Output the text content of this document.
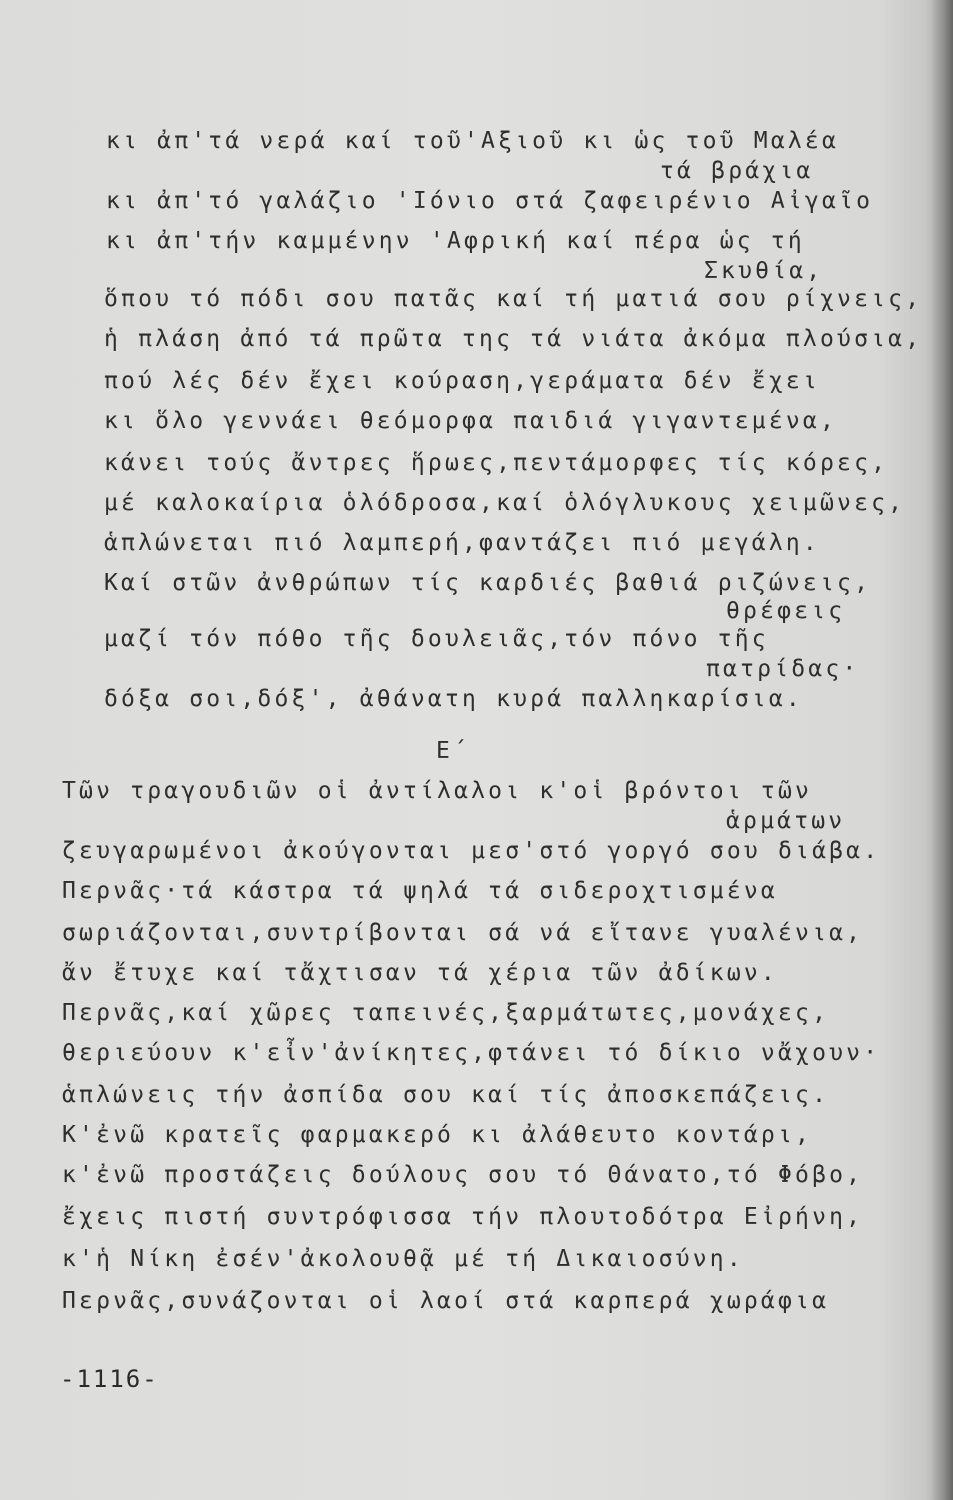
κι ἀπ'τά νερά καί τοῦ'Αξιοῦ κι ὡς τοῦ Μαλέα
τά βράχια
κι ἀπ'τό γαλάζιο 'Ιόνιο στά ζαφειρένιο Αἰγαῖο
κι ἀπ'τήν καμμένην 'Αφρική καί πέρα ὡς τή
Σκυθία,
ὅπου τό πόδι σου πατᾶς καί τή ματιά σου ρίχνεις,
ἡ πλάση ἀπό τά πρῶτα της τά νιάτα ἀκόμα πλούσια,
πού λές δέν ἔχει κούραση,γεράματα δέν ἔχει
κι ὅλο γεννάει θεόμορφα παιδιά γιγαντεμένα,
κάνει τούς ἄντρες ἥρωες,πεντάμορφες τίς κόρες,
μέ καλοκαίρια ὁλόδροσα,καί ὁλόγλυκους χειμῶνες,
ἁπλώνεται πιό λαμπερή,φαντάζει πιό μεγάλη.
Καί στῶν ἀνθρώπων τίς καρδιές βαθιά ριζώνεις,
θρέφεις
μαζί τόν πόθο τῆς δουλειᾶς,τόν πόνο τῆς
πατρίδας·
δόξα σοι,δόξ', ἀθάνατη κυρά παλληκαρίσια.
Ε΄
Τῶν τραγουδιῶν οἱ ἀντίλαλοι κ'οἱ βρόντοι τῶν
ἁρμάτων
ζευγαρωμένοι ἀκούγονται μεσ'στό γοργό σου διάβα.
Περνᾶς·τά κάστρα τά ψηλά τά σιδεροχτισμένα
σωριάζονται,συντρίβονται σά νά εἴτανε γυαλένια,
ἄν ἔτυχε καί τἄχτισαν τά χέρια τῶν ἀδίκων.
Περνᾶς,καί χῶρες ταπεινές,ξαρμάτωτες,μονάχες,
θεριεύουν κ'εἶν'ἀνίκητες,φτάνει τό δίκιο νἄχουν·
ἁπλώνεις τήν ἀσπίδα σου καί τίς ἀποσκεπάζεις.
Κ'ἐνῶ κρατεῖς φαρμακερό κι ἀλάθευτο κοντάρι,
κ'ἐνῶ προστάζεις δούλους σου τό Θάνατο,τό Φόβο,
ἔχεις πιστή συντρόφισσα τήν πλουτοδότρα Εἰρήνη,
κ'ἡ Νίκη ἐσέν'ἀκολουθᾷ μέ τή Δικαιοσύνη.
Περνᾶς,συνάζονται οἱ λαοί στά καρπερά χωράφια
-1116-
